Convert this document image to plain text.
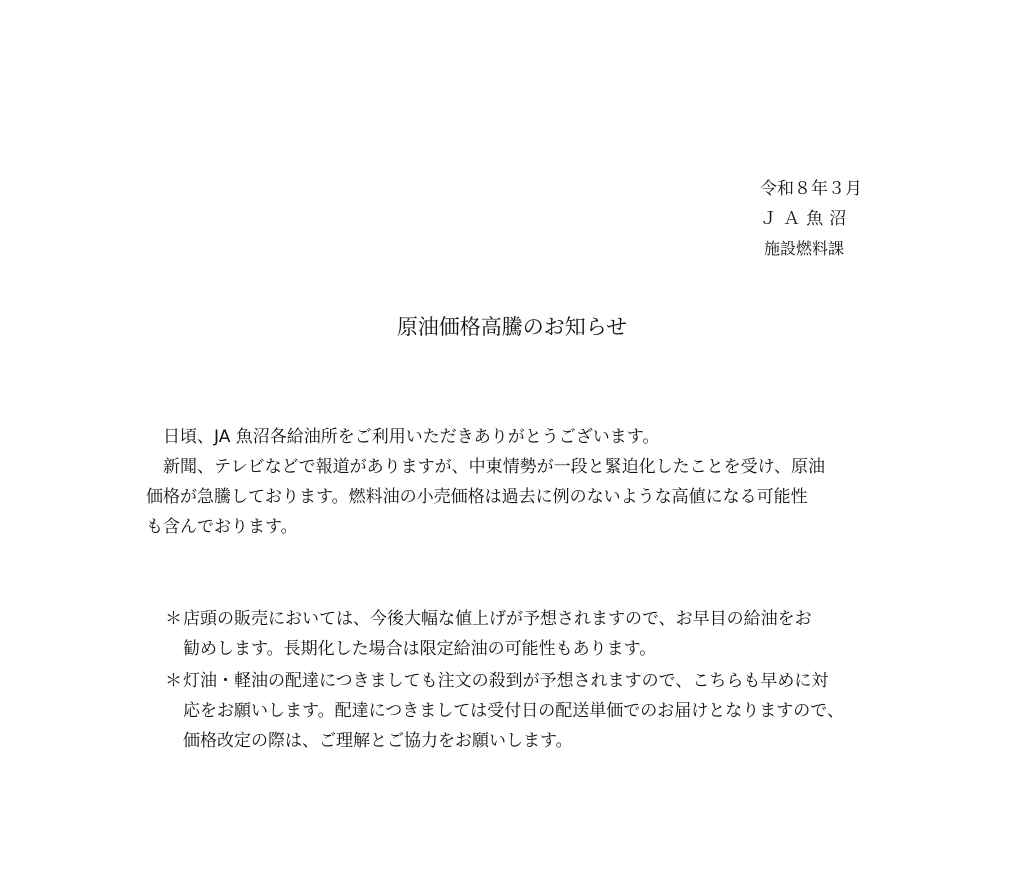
令和８年３月
Ｊ Ａ 魚 沼
施設燃料課
原油価格高騰のお知らせ

　日頃、JA 魚沼各給油所をご利用いただきありがとうございます。

　新聞、テレビなどで報道がありますが、中東情勢が一段と緊迫化したことを受け、原油

価格が急騰しております。燃料油の小売価格は過去に例のないような高値になる可能性

も含んでおります。

＊ 店頭の販売においては、今後大幅な値上げが予想されますので、お早目の給油をお
勧めします。長期化した場合は限定給油の可能性もあります。
＊ 灯油・軽油の配達につきましても注文の殺到が予想されますので、こちらも早めに対
応をお願いします。配達につきましては受付日の配送単価でのお届けとなりますので、
価格改定の際は、ご理解とご協力をお願いします。
